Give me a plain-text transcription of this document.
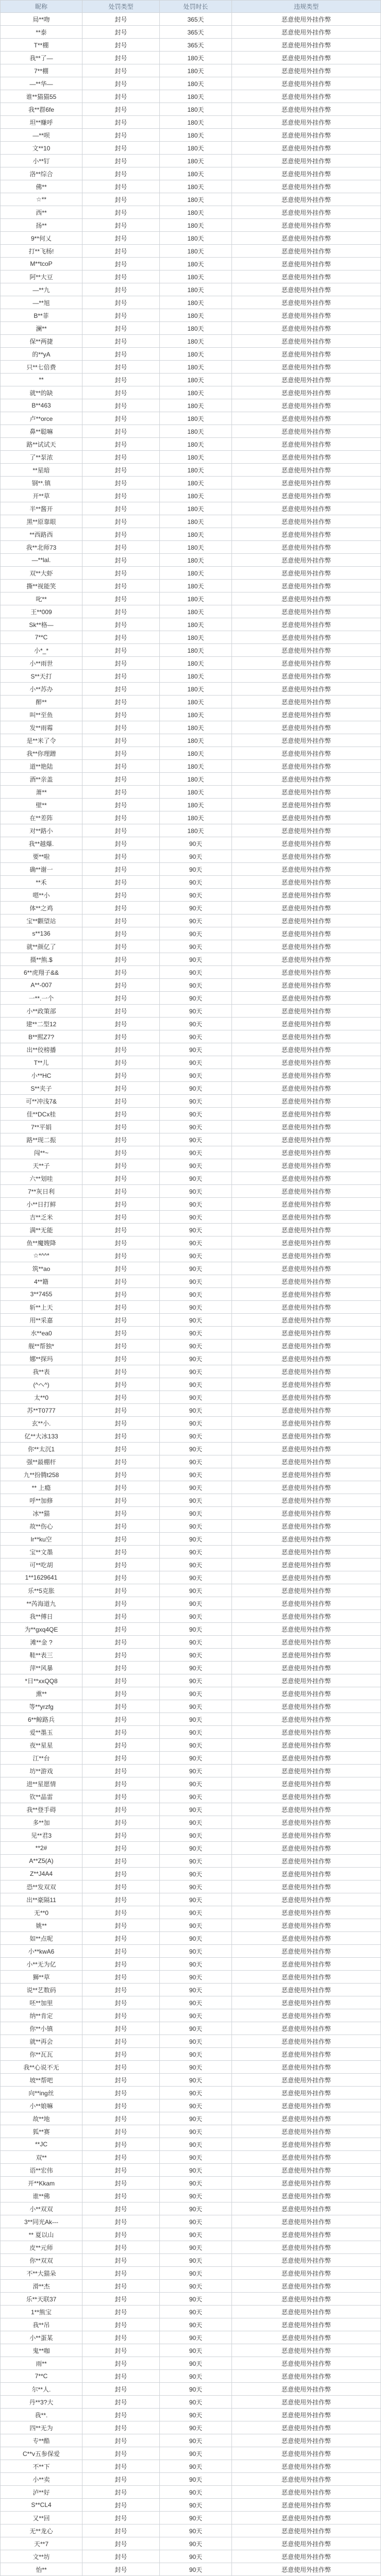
昵称	处罚类型	处罚时长	违规类型
局**吻	封号	365天	恶意使用外挂作弊
**泰	封号	365天	恶意使用外挂作弊
T**棚	封号	365天	恶意使用外挂作弊
我**了—	封号	180天	恶意使用外挂作弊
7**棚	封号	180天	恶意使用外挂作弊
—**华—	封号	180天	恶意使用外挂作弊
谁**猫猫55	封号	180天	恶意使用外挂作弊
我**群6fe	封号	180天	恶意使用外挂作弊
坦**赚呼	封号	180天	恶意使用外挂作弊
—**呗	封号	180天	恶意使用外挂作弊
文**10	封号	180天	恶意使用外挂作弊
小**钉	封号	180天	恶意使用外挂作弊
洛**综合	封号	180天	恶意使用外挂作弊
佛**	封号	180天	恶意使用外挂作弊
☆**	封号	180天	恶意使用外挂作弊
西**	封号	180天	恶意使用外挂作弊
扬**	封号	180天	恶意使用外挂作弊
9**何乂	封号	180天	恶意使用外挂作弊
打**飞杨!	封号	180天	恶意使用外挂作弊
M**tcoP	封号	180天	恶意使用外挂作弊
阿**大豆	封号	180天	恶意使用外挂作弊
—**九	封号	180天	恶意使用外挂作弊
—**旭	封号	180天	恶意使用外挂作弊
B**菲	封号	180天	恶意使用外挂作弊
澜**	封号	180天	恶意使用外挂作弊
保**两捷	封号	180天	恶意使用外挂作弊
的**yA	封号	180天	恶意使用外挂作弊
只**七倍费	封号	180天	恶意使用外挂作弊
**	封号	180天	恶意使用外挂作弊
就**的缺	封号	180天	恶意使用外挂作弊
B**463	封号	180天	恶意使用外挂作弊
卢**orce	封号	180天	恶意使用外挂作弊
鼻**聪嘛	封号	180天	恶意使用外挂作弊
路**试试天	封号	180天	恶意使用外挂作弊
了**泵浓	封号	180天	恶意使用外挂作弊
**星暗	封号	180天	恶意使用外挂作弊
钢**.镇	封号	180天	恶意使用外挂作弊
开**草	封号	180天	恶意使用外挂作弊
半**酱开	封号	180天	恶意使用外挂作弊
黑**原靠眼	封号	180天	恶意使用外挂作弊
**西路西	封号	180天	恶意使用外挂作弊
我**北师73	封号	180天	恶意使用外挂作弊
—**lal.	封号	180天	恶意使用外挂作弊
双**大虾	封号	180天	恶意使用外挂作弊
撕**视能笑	封号	180天	恶意使用外挂作弊
叱**	封号	180天	恶意使用外挂作弊
王**009	封号	180天	恶意使用外挂作弊
Sk**格—	封号	180天	恶意使用外挂作弊
7**C	封号	180天	恶意使用外挂作弊
小*_*	封号	180天	恶意使用外挂作弊
小**雨世	封号	180天	恶意使用外挂作弊
S**天打	封号	180天	恶意使用外挂作弊
小**苏办	封号	180天	恶意使用外挂作弊
醉**	封号	180天	恶意使用外挂作弊
叫**至鱼	封号	180天	恶意使用外挂作弊
发**雨霉	封号	180天	恶意使用外挂作弊
是**米了令	封号	180天	恶意使用外挂作弊
我**你理蹭	封号	180天	恶意使用外挂作弊
道**艳陆	封号	180天	恶意使用外挂作弊
酒**亲盖	封号	180天	恶意使用外挂作弊
萧**	封号	180天	恶意使用外挂作弊
壁**	封号	180天	恶意使用外挂作弊
在**差阵	封号	180天	恶意使用外挂作弊
对**路小	封号	180天	恶意使用外挂作弊
我**越爆.	封号	90天	恶意使用外挂作弊
要**啦	封号	90天	恶意使用外挂作弊
确**谢一	封号	90天	恶意使用外挂作弊
**禾	封号	90天	恶意使用外挂作弊
嗯**小	封号	90天	恶意使用外挂作弊
体**之鸡	封号	90天	恶意使用外挂作弊
宝**颧望站	封号	90天	恶意使用外挂作弊
s**136	封号	90天	恶意使用外挂作弊
就**颜亿了	封号	90天	恶意使用外挂作弊
摄**熊.$	封号	90天	恶意使用外挂作弊
6**虎翔子&&	封号	90天	恶意使用外挂作弊
A**-007	封号	90天	恶意使用外挂作弊
一**.一个	封号	90天	恶意使用外挂作弊
小**政策部	封号	90天	恶意使用外挂作弊
建**二型12	封号	90天	恶意使用外挂作弊
B**熙Z7?	封号	90天	恶意使用外挂作弊
出**佼榜播	封号	90天	恶意使用外挂作弊
T**儿	封号	90天	恶意使用外挂作弊
小**HC	封号	90天	恶意使用外挂作弊
S**夹子	封号	90天	恶意使用外挂作弊
可**冲浅7&	封号	90天	恶意使用外挂作弊
佳**DCx桂	封号	90天	恶意使用外挂作弊
7**平娟	封号	90天	恶意使用外挂作弊
路**现二振	封号	90天	恶意使用外挂作弊
闯**~	封号	90天	恶意使用外挂作弊
天**子	封号	90天	恶意使用外挂作弊
六**划哇	封号	90天	恶意使用外挂作弊
7**灰日利	封号	90天	恶意使用外挂作弊
小**日打鲜	封号	90天	恶意使用外挂作弊
吉**乏米	封号	90天	恶意使用外挂作弊
满**无能	封号	90天	恶意使用外挂作弊
鱼**魔嫂降	封号	90天	恶意使用外挂作弊
☆*^^*	封号	90天	恶意使用外挂作弊
筑**ao	封号	90天	恶意使用外挂作弊
4**籍	封号	90天	恶意使用外挂作弊
3**7455	封号	90天	恶意使用外挂作弊
斩**上天	封号	90天	恶意使用外挂作弊
用**采嘉	封号	90天	恶意使用外挂作弊
水**ea0	封号	90天	恶意使用外挂作弊
舰**帮独*	封号	90天	恶意使用外挂作弊
娜**探玛	封号	90天	恶意使用外挂作弊
我**表	封号	90天	恶意使用外挂作弊
(^ヘ^)	封号	90天	恶意使用外挂作弊
太**0	封号	90天	恶意使用外挂作弊
苏**T0777	封号	90天	恶意使用外挂作弊
玄**小.	封号	90天	恶意使用外挂作弊
亿**大冰133	封号	90天	恶意使用外挂作弊
你**太沉1	封号	90天	恶意使用外挂作弊
强**最棚杆	封号	90天	恶意使用外挂作弊
九**扮腾t258	封号	90天	恶意使用外挂作弊
** 上瘾	封号	90天	恶意使用外挂作弊
呼**加修	封号	90天	恶意使用外挂作弊
冰**猫	封号	90天	恶意使用外挂作弊
故**伤心	封号	90天	恶意使用外挂作弊
Ir**ku空	封号	90天	恶意使用外挂作弊
宝**文墨	封号	90天	恶意使用外挂作弊
可**吃胡	封号	90天	恶意使用外挂作弊
1**1629641	封号	90天	恶意使用外挂作弊
乐**5克胀	封号	90天	恶意使用外挂作弊
**芮海道九	封号	90天	恶意使用外挂作弊
我**傅日	封号	90天	恶意使用外挂作弊
为**gxq4QE	封号	90天	恶意使用外挂作弊
滩**金 ?	封号	90天	恶意使用外挂作弊
鞋**表三	封号	90天	恶意使用外挂作弊
萍**风暴	封号	90天	恶意使用外挂作弊
*日**xxQQ8	封号	90天	恶意使用外挂作弊
熏**	封号	90天	恶意使用外挂作弊
等**yrzfg	封号	90天	恶意使用外挂作弊
6**鲸路兵	封号	90天	恶意使用外挂作弊
爱**墨玉	封号	90天	恶意使用外挂作弊
夜**星星	封号	90天	恶意使用外挂作弊
江**台	封号	90天	恶意使用外挂作弊
坊**游戏	封号	90天	恶意使用外挂作弊
进**星愿情	封号	90天	恶意使用外挂作弊
钦**晶雷	封号	90天	恶意使用外挂作弊
我**登手碍	封号	90天	恶意使用外挂作弊
多**加	封号	90天	恶意使用外挂作弊
见**君3	封号	90天	恶意使用外挂作弊
**2#	封号	90天	恶意使用外挂作弊
A**Z5(A)	封号	90天	恶意使用外挂作弊
Z**J4A4	封号	90天	恶意使用外挂作弊
恐**发双双	封号	90天	恶意使用外挂作弊
出**豪隔11	封号	90天	恶意使用外挂作弊
无**0	封号	90天	恶意使用外挂作弊
姚**	封号	90天	恶意使用外挂作弊
如**点呢	封号	90天	恶意使用外挂作弊
小**kwA6	封号	90天	恶意使用外挂作弊
小**无为亿	封号	90天	恶意使用外挂作弊
狮**草	封号	90天	恶意使用外挂作弊
说**艺数码	封号	90天	恶意使用外挂作弊
呸**加里	封号	90天	恶意使用外挂作弊
纳**肯定	封号	90天	恶意使用外挂作弊
你**小镇	封号	90天	恶意使用外挂作弊
就**再会	封号	90天	恶意使用外挂作弊
你**瓦瓦	封号	90天	恶意使用外挂作弊
我**心说不无	封号	90天	恶意使用外挂作弊
坡**帮吧	封号	90天	恶意使用外挂作弊
向**ing丝	封号	90天	恶意使用外挂作弊
小**娘嘛	封号	90天	恶意使用外挂作弊
故**地	封号	90天	恶意使用外挂作弊
狐**赛	封号	90天	恶意使用外挂作弊
**JC	封号	90天	恶意使用外挂作弊
双**	封号	90天	恶意使用外挂作弊
语**宏伟	封号	90天	恶意使用外挂作弊
开**Kkam	封号	90天	恶意使用外挂作弊
谁**佛	封号	90天	恶意使用外挂作弊
小**双双	封号	90天	恶意使用外挂作弊
3**同光Ak---	封号	90天	恶意使用外挂作弊
** 夏以山	封号	90天	恶意使用外挂作弊
皮**元师	封号	90天	恶意使用外挂作弊
你**双双	封号	90天	恶意使用外挂作弊
不**大猫朵	封号	90天	恶意使用外挂作弊
滑**杰	封号	90天	恶意使用外挂作弊
乐**天联37	封号	90天	恶意使用外挂作弊
1**熊宝	封号	90天	恶意使用外挂作弊
我**吊	封号	90天	恶意使用外挂作弊
小**蛋某	封号	90天	恶意使用外挂作弊
鬼**咖	封号	90天	恶意使用外挂作弊
雨**	封号	90天	恶意使用外挂作弊
7**C	封号	90天	恶意使用外挂作弊
尔**人.	封号	90天	恶意使用外挂作弊
丹**3?大	封号	90天	恶意使用外挂作弊
我**.	封号	90天	恶意使用外挂作弊
四**无为	封号	90天	恶意使用外挂作弊
专**酷	封号	90天	恶意使用外挂作弊
C**v五参保爱	封号	90天	恶意使用外挂作弊
不**下	封号	90天	恶意使用外挂作弊
小**卖	封号	90天	恶意使用外挂作弊
泸**好	封号	90天	恶意使用外挂作弊
S**CL4	封号	90天	恶意使用外挂作弊
又**回	封号	90天	恶意使用外挂作弊
无**龙心	封号	90天	恶意使用外挂作弊
天**7	封号	90天	恶意使用外挂作弊
文**坊	封号	90天	恶意使用外挂作弊
怡**	封号	90天	恶意使用外挂作弊
